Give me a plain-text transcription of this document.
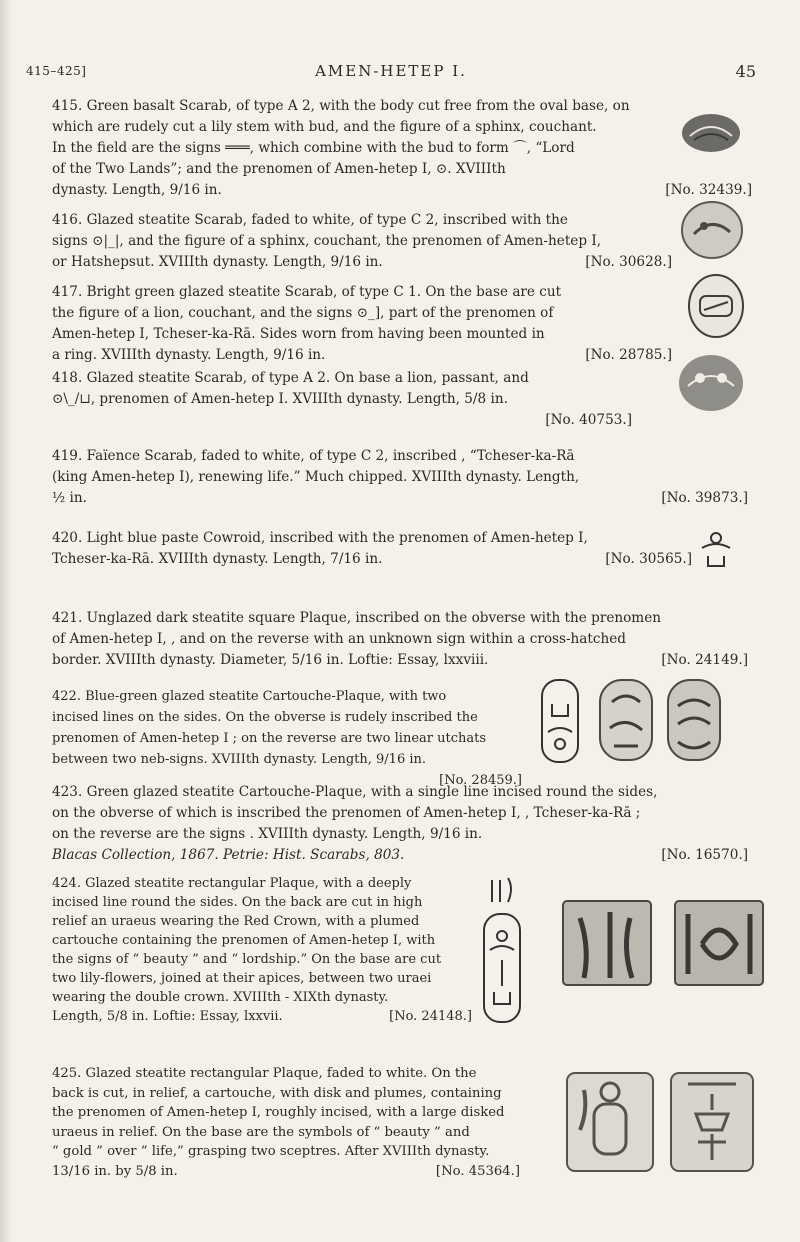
415–425]	AMEN-HETEP I.	45

415. Green basalt Scarab, of type A 2, with the body cut free from the oval base, on

which are rudely cut a lily stem with bud, and the figure of a sphinx, couchant.

In the field are the signs ═══, which combine with the bud to form ⌒, “Lord

of the Two Lands”; and the prenomen of Amen-hetep I, ⊙. XVIIIth

dynasty. Length, 9/16 in.	[No. 32439.]

416. Glazed steatite Scarab, faded to white, of type C 2, inscribed with the

signs ⊙|_|, and the figure of a sphinx, couchant, the prenomen of Amen-hetep I,

or Hatshepsut. XVIIIth dynasty. Length, 9/16 in.	[No. 30628.]

417. Bright green glazed steatite Scarab, of type C 1. On the base are cut

the figure of a lion, couchant, and the signs ⊙_], part of the prenomen of

Amen-hetep I, Tcheser-ka-Rā. Sides worn from having been mounted in

a ring. XVIIIth dynasty. Length, 9/16 in.	[No. 28785.]

418. Glazed steatite Scarab, of type A 2. On base a lion, passant, and

⊙\_/⊔, prenomen of Amen-hetep I. XVIIIth dynasty. Length, 5/8 in.

[No. 40753.]

419. Faïence Scarab, faded to white, of type C 2, inscribed , “Tcheser-ka-Rā

(king Amen-hetep I), renewing life.” Much chipped. XVIIIth dynasty. Length,

½ in.	[No. 39873.]

420. Light blue paste Cowroid, inscribed with the prenomen of Amen-hetep I,

Tcheser-ka-Rā. XVIIIth dynasty. Length, 7/16 in.	[No. 30565.]

421. Unglazed dark steatite square Plaque, inscribed on the obverse with the prenomen

of Amen-hetep I, , and on the reverse with an unknown sign within a cross-hatched

border. XVIIIth dynasty. Diameter, 5/16 in. Loftie: Essay, lxxviii.	[No. 24149.]

422. Blue-green glazed steatite Cartouche-Plaque, with two

incised lines on the sides. On the obverse is rudely inscribed the

prenomen of Amen-hetep I ; on the reverse are two linear utchats

between two neb-signs. XVIIIth dynasty. Length, 9/16 in.

[No. 28459.]

423. Green glazed steatite Cartouche-Plaque, with a single line incised round the sides,

on the obverse of which is inscribed the prenomen of Amen-hetep I, , Tcheser-ka-Rā ;

on the reverse are the signs . XVIIIth dynasty. Length, 9/16 in.

Blacas Collection, 1867. Petrie: Hist. Scarabs, 803.	[No. 16570.]

424. Glazed steatite rectangular Plaque, with a deeply

incised line round the sides. On the back are cut in high

relief an uraeus wearing the Red Crown, with a plumed

cartouche containing the prenomen of Amen-hetep I, with

the signs of “ beauty ” and “ lordship.” On the base are cut

two lily-flowers, joined at their apices, between two uraei

wearing the double crown. XVIIIth - XIXth dynasty.

Length, 5/8 in. Loftie: Essay, lxxvii.	[No. 24148.]

425. Glazed steatite rectangular Plaque, faded to white. On the

back is cut, in relief, a cartouche, with disk and plumes, containing

the prenomen of Amen-hetep I, roughly incised, with a large disked

uraeus in relief. On the base are the symbols of “ beauty ” and

“ gold ” over “ life,” grasping two sceptres. After XVIIIth dynasty.

13/16 in. by 5/8 in.	[No. 45364.]
